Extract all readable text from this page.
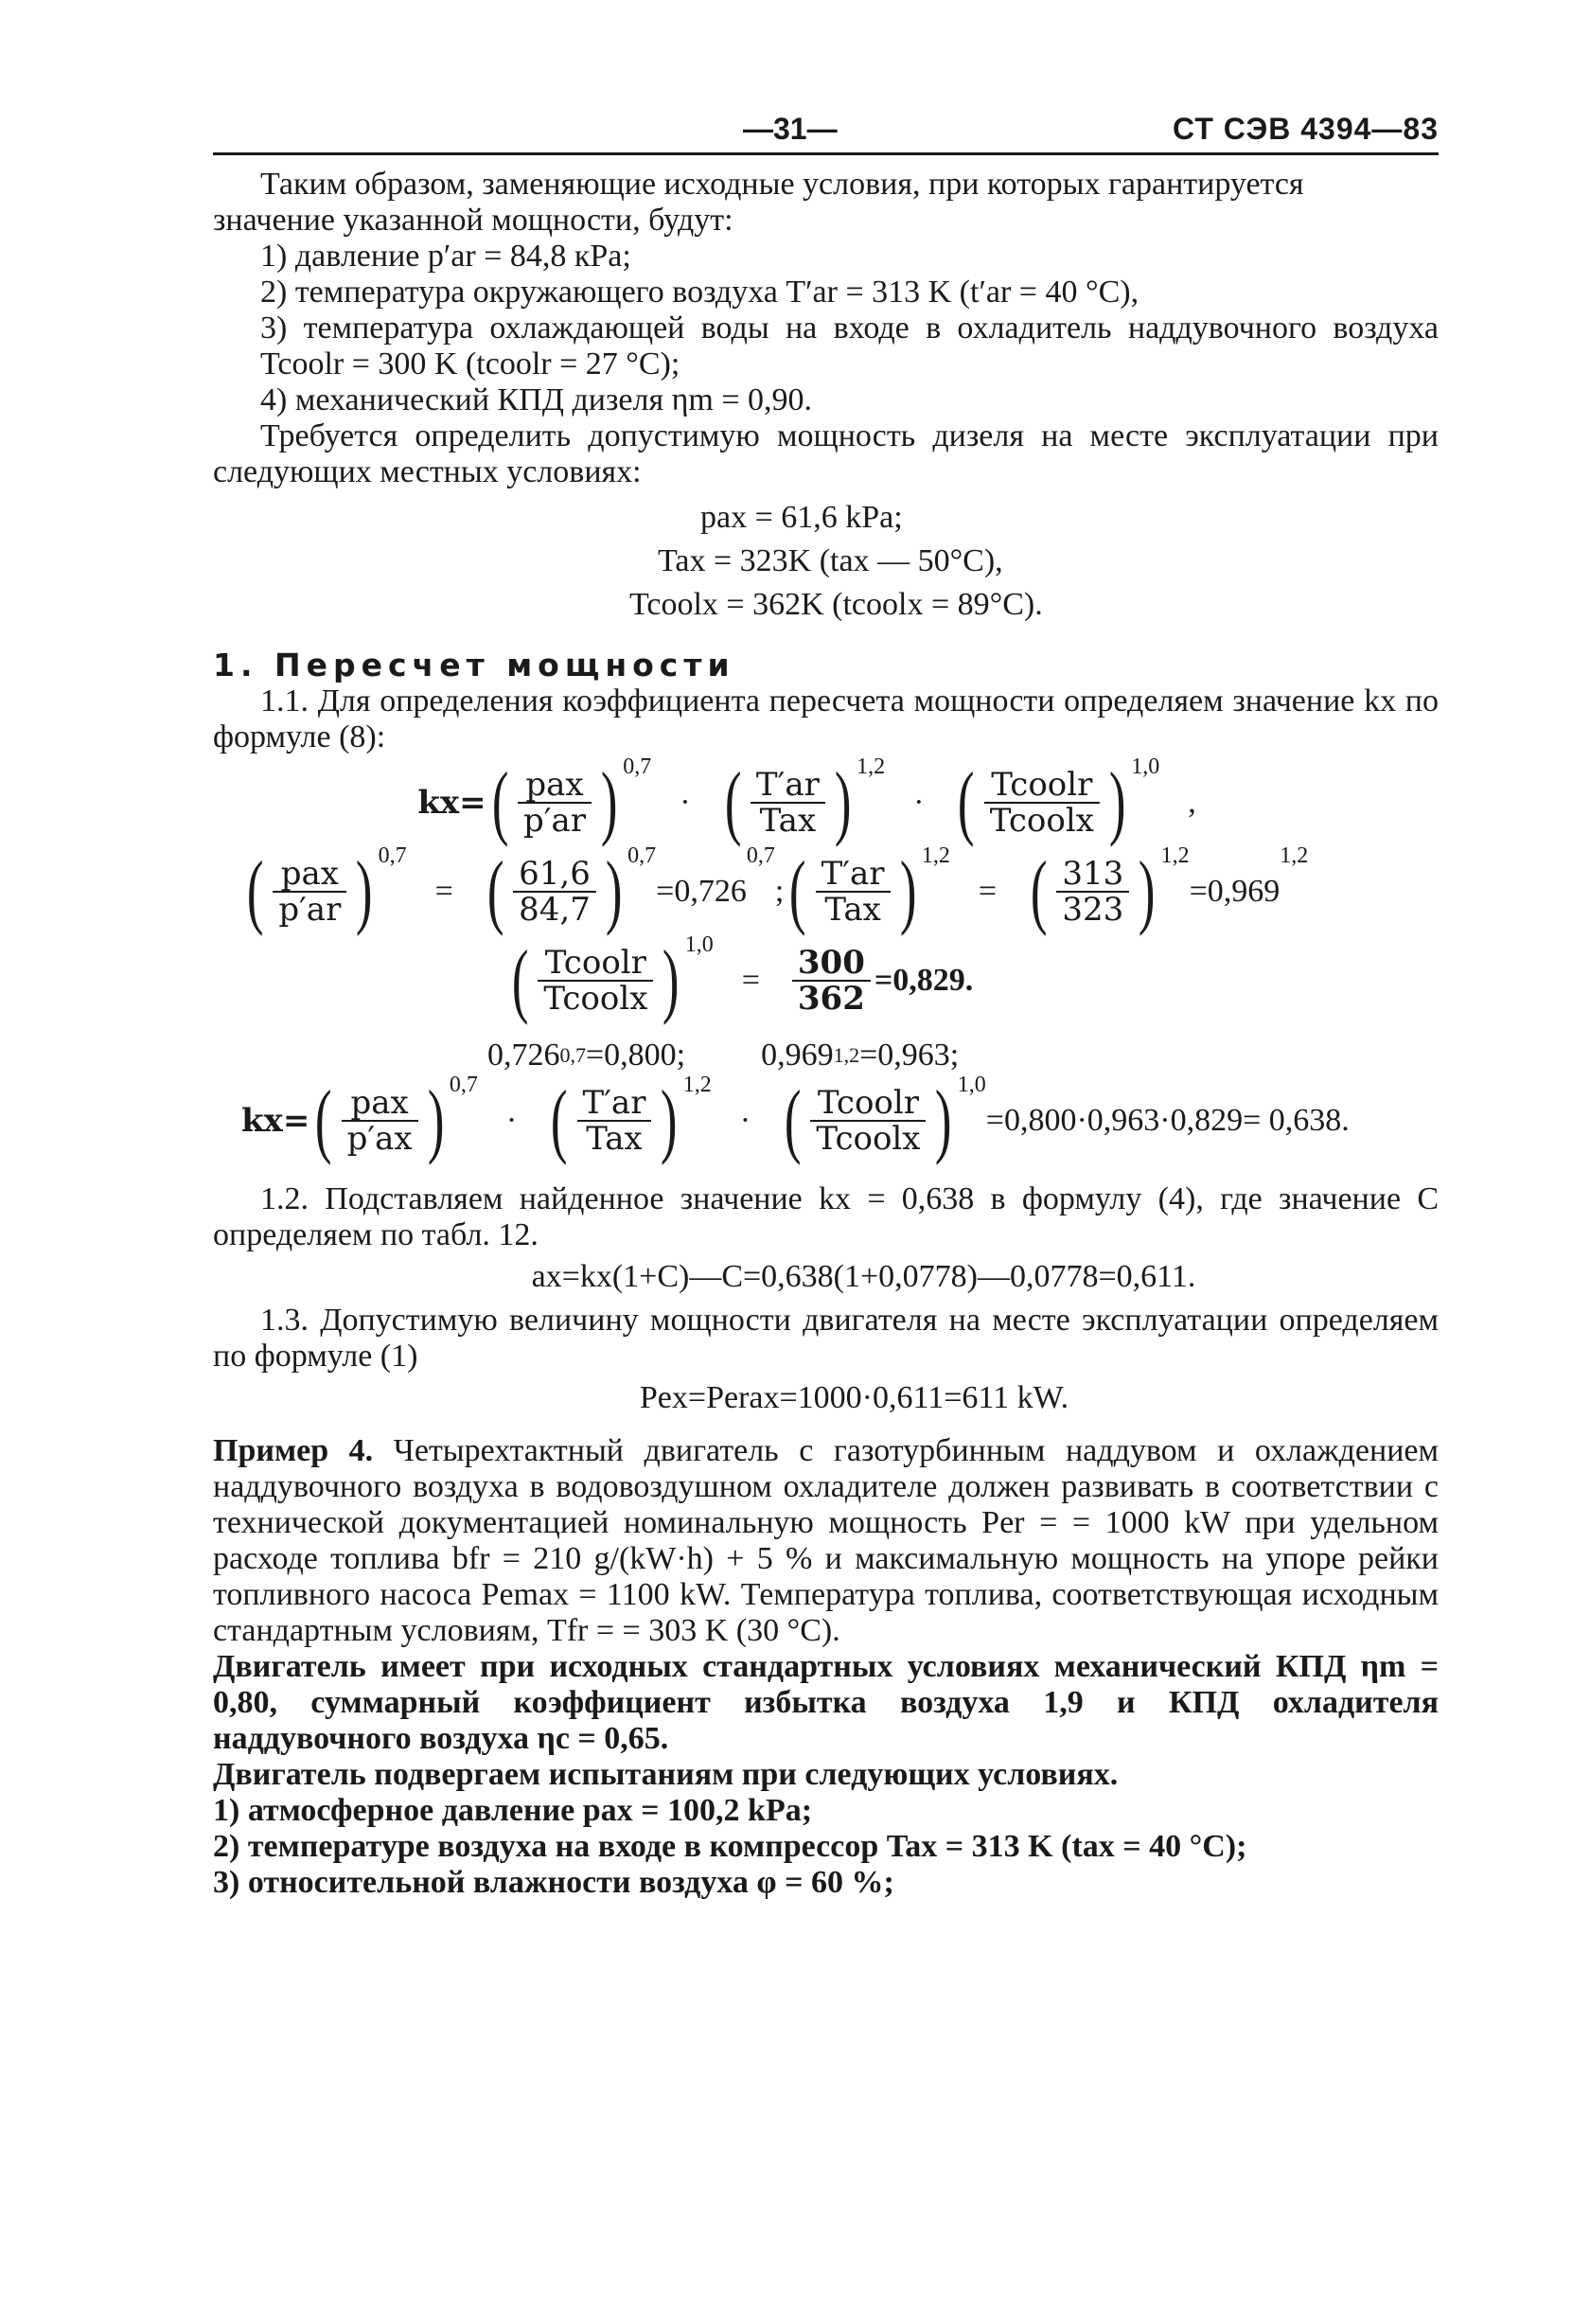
—31—	СТ СЭВ 4394—83

Таким образом, заменяющие исходные условия, при которых гарантируется

значение указанной мощности, будут:

1) давление p′ar = 84,8 кРа;

2) температура окружающего воздуха T′ar = 313 K (t′ar = 40 °С),

3) температура охлаждающей воды на входе в охладитель наддувочного воздуха Tcoolr = 300 K (tcoolr = 27 °С);

4) механический КПД дизеля ηm = 0,90.

Требуется определить допустимую мощность дизеля на месте эксплуатации при следующих местных условиях:

pax = 61,6 kPa;
Tax = 323K (tax — 50°С),
Tcoolx = 362K (tcoolx = 89°С).
1. Пересчет мощности

1.1. Для определения коэффициента пересчета мощности определяем значение kx по формуле (8):

kx= ( $\frac{\text{pax}}{p'ar}$ ) 0,7
· ( $\frac{T'ar}{\text{Tax}}$ ) 1,2
· ( $\frac{\text{Tcoolr}}{\text{Tcoolx}}$ ) 1,0
,
( $\frac{\text{pax}}{p'ar}$ ) 0,7
= ( $\frac{61,6}{84,7}$ ) 0,7
=0,726
0,7
; ( $\frac{T'ar}{\text{Tax}}$ ) 1,2
= ( $\frac{313}{323}$ ) 1,2
=0,969
1,2
( $\frac{\text{Tcoolr}}{\text{Tcoolx}}$ ) 1,0
= $\frac{300}{362} =0,829$.
0,726 0,7 =0,800; 0,969 1,2 =0,963;
kx= ( $\frac{\text{pax}}{p'ax}$ ) 0,7
· ( $\frac{T'ar}{\text{Tax}}$ ) 1,2
· ( $\frac{\text{Tcoolr}}{\text{Tcoolx}}$ ) 1,0
=0,800·0,963·0,829= 0,638.

1.2. Подставляем найденное значение kx = 0,638 в формулу (4), где значение С определяем по табл. 12.

ax=kx(1+C)—C=0,638(1+0,0778)—0,0778=0,611.

1.3. Допустимую величину мощности двигателя на месте эксплуатации определяем по формуле (1)

Pex=Perax=1000·0,611=611 kW.

Пример 4. Четырехтактный двигатель с газотурбинным наддувом и охлаждением наддувочного воздуха в водовоздушном охладителе должен развивать в соответствии с технической документацией номинальную мощность Per = = 1000 kW при удельном расходе топлива bfr = 210 g/(kW·h) + 5 % и максимальную мощность на упоре рейки топливного насоса Pemax = 1100 kW. Температура топлива, соответствующая исходным стандартным условиям, Tfr = = 303 K (30 °С).

Двигатель имеет при исходных стандартных условиях механический КПД ηm = 0,80, суммарный коэффициент избытка воздуха 1,9 и КПД охладителя наддувочного воздуха ηc = 0,65.

Двигатель подвергаем испытаниям при следующих условиях.

1) атмосферное давление pax = 100,2 kPa;

2) температуре воздуха на входе в компрессор Tax = 313 K (tax = 40 °С);

3) относительной влажности воздуха φ = 60 %;
